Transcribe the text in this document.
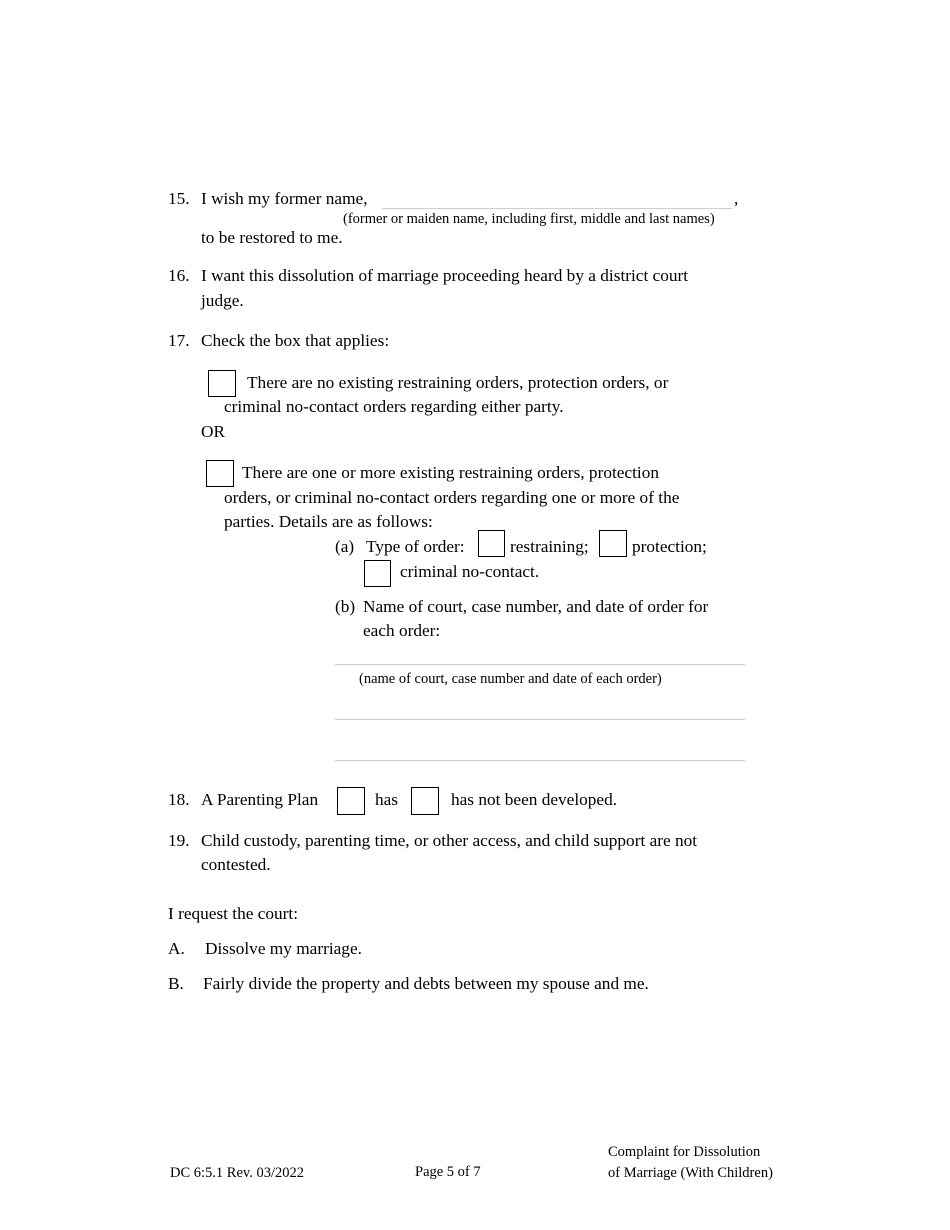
15. I wish my former name,	,
(former or maiden name, including first, middle and last names)
to be restored to me.
16. I want this dissolution of marriage proceeding heard by a district court
judge.
17. Check the box that applies:
There are no existing restraining orders, protection orders, or
criminal no-contact orders regarding either party.
OR
There are one or more existing restraining orders, protection
orders, or criminal no-contact orders regarding one or more of the
parties. Details are as follows:
(a) Type of order:	restraining;	protection;
criminal no-contact.
(b) Name of court, case number, and date of order for
each order:
(name of court, case number and date of each order)
18. A Parenting Plan	has	has not been developed.
19. Child custody, parenting time, or other access, and child support are not
contested.
I request the court:
A. Dissolve my marriage.
B. Fairly divide the property and debts between my spouse and me.
DC 6:5.1 Rev. 03/2022	Page 5 of 7
Complaint for Dissolution
of Marriage (With Children)
